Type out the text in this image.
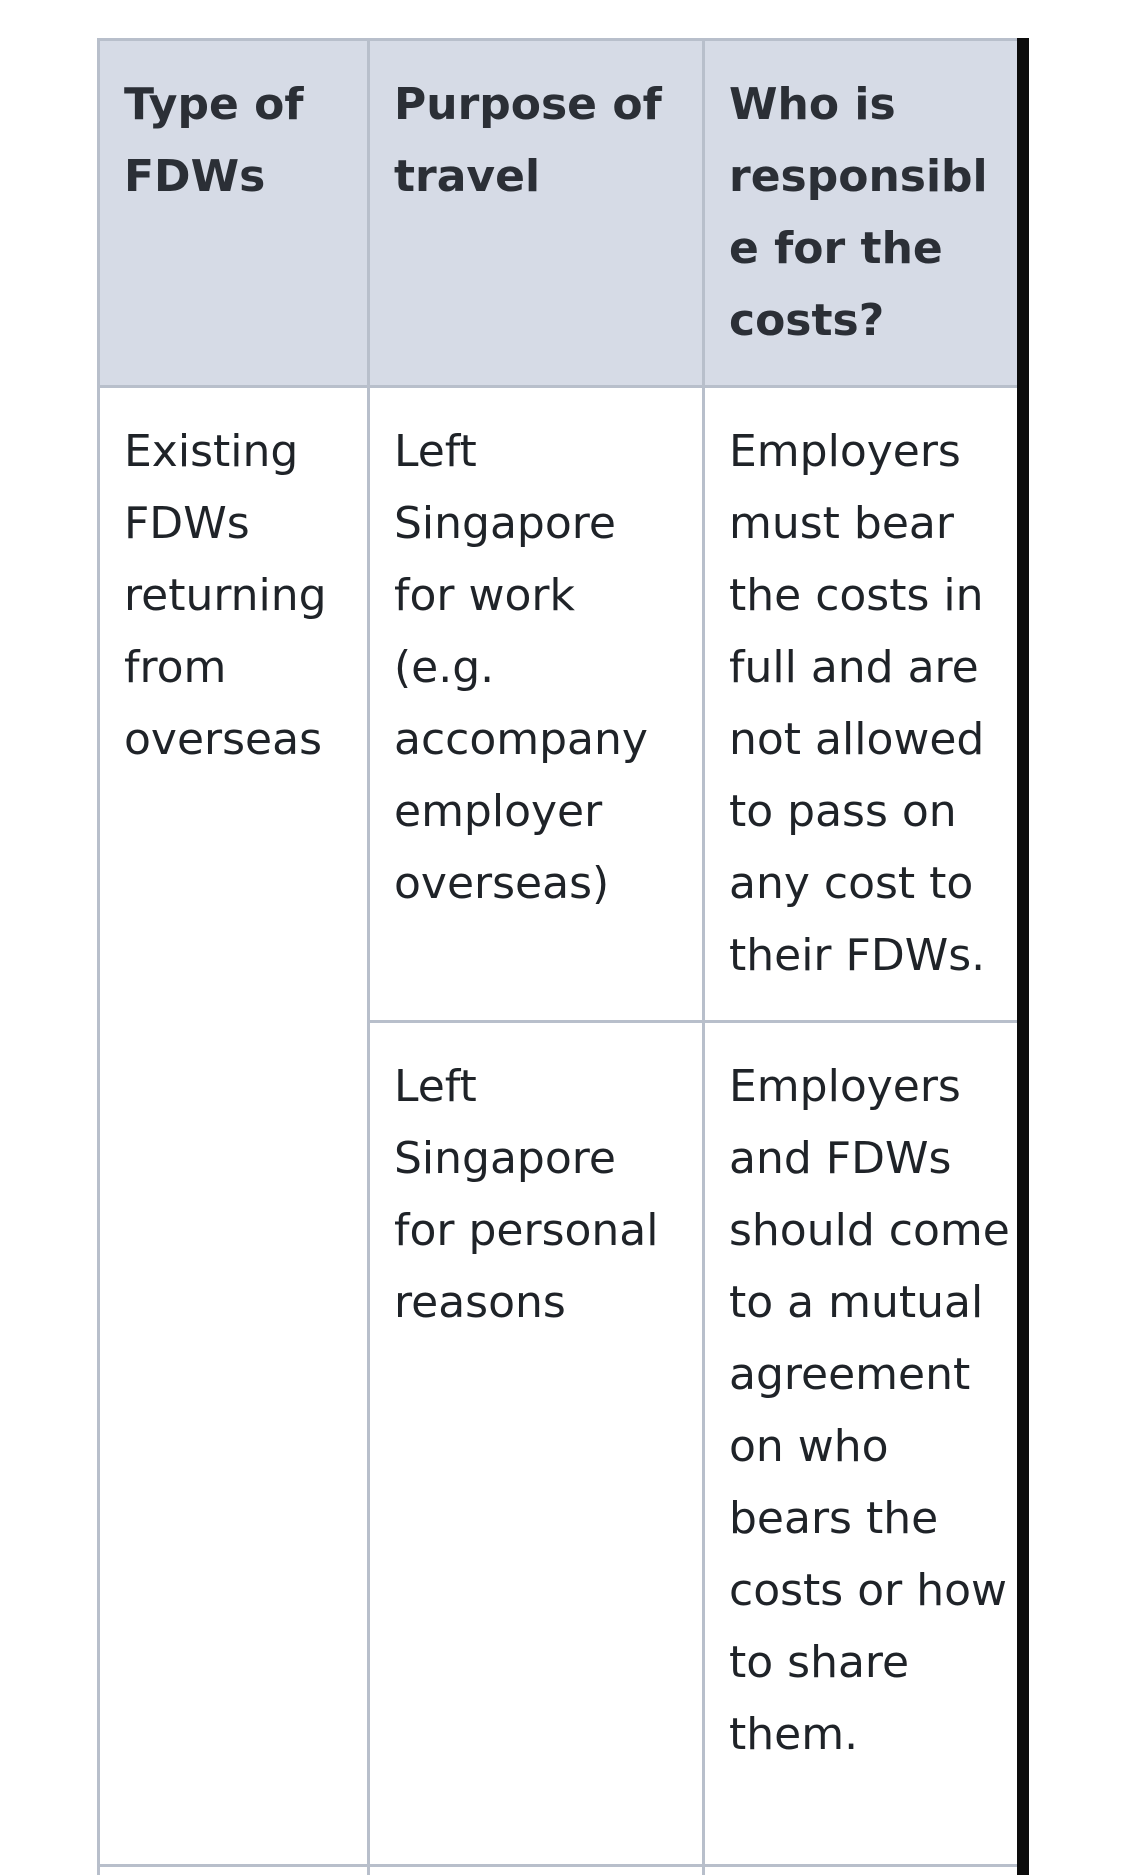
Type of FDWs	Purpose of travel	Who is responsible for the costs?

Existing FDWs returning from overseas	Left Singapore for work (e.g. accompany employer overseas)	Employers must bear the costs in full and are not allowed to pass on any cost to their FDWs.

	Left Singapore for personal reasons	Employers and FDWs should come to a mutual agreement on who bears the costs or how to share them.
